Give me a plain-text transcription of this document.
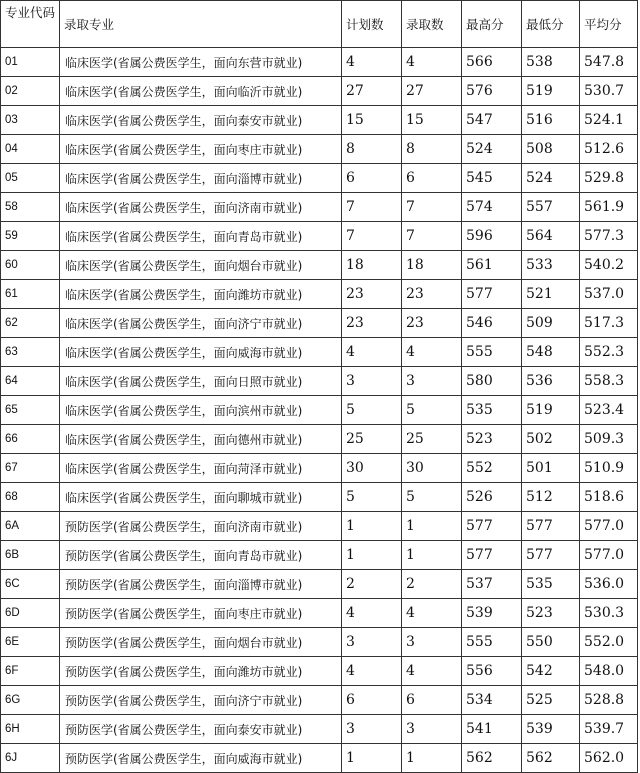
专业代码	录取专业	计划数	录取数	最高分	最低分	平均分
01	临床医学(省属公费医学生，面向东营市就业)	4	4	566	538	547.8
02	临床医学(省属公费医学生，面向临沂市就业)	27	27	576	519	530.7
03	临床医学(省属公费医学生，面向泰安市就业)	15	15	547	516	524.1
04	临床医学(省属公费医学生，面向枣庄市就业)	8	8	524	508	512.6
05	临床医学(省属公费医学生，面向淄博市就业)	6	6	545	524	529.8
58	临床医学(省属公费医学生，面向济南市就业)	7	7	574	557	561.9
59	临床医学(省属公费医学生，面向青岛市就业)	7	7	596	564	577.3
60	临床医学(省属公费医学生，面向烟台市就业)	18	18	561	533	540.2
61	临床医学(省属公费医学生，面向潍坊市就业)	23	23	577	521	537.0
62	临床医学(省属公费医学生，面向济宁市就业)	23	23	546	509	517.3
63	临床医学(省属公费医学生，面向威海市就业)	4	4	555	548	552.3
64	临床医学(省属公费医学生，面向日照市就业)	3	3	580	536	558.3
65	临床医学(省属公费医学生，面向滨州市就业)	5	5	535	519	523.4
66	临床医学(省属公费医学生，面向德州市就业)	25	25	523	502	509.3
67	临床医学(省属公费医学生，面向菏泽市就业)	30	30	552	501	510.9
68	临床医学(省属公费医学生，面向聊城市就业)	5	5	526	512	518.6
6A	预防医学(省属公费医学生，面向济南市就业)	1	1	577	577	577.0
6B	预防医学(省属公费医学生，面向青岛市就业)	1	1	577	577	577.0
6C	预防医学(省属公费医学生，面向淄博市就业)	2	2	537	535	536.0
6D	预防医学(省属公费医学生，面向枣庄市就业)	4	4	539	523	530.3
6E	预防医学(省属公费医学生，面向烟台市就业)	3	3	555	550	552.0
6F	预防医学(省属公费医学生，面向潍坊市就业)	4	4	556	542	548.0
6G	预防医学(省属公费医学生，面向济宁市就业)	6	6	534	525	528.8
6H	预防医学(省属公费医学生，面向泰安市就业)	3	3	541	539	539.7
6J	预防医学(省属公费医学生，面向威海市就业)	1	1	562	562	562.0
